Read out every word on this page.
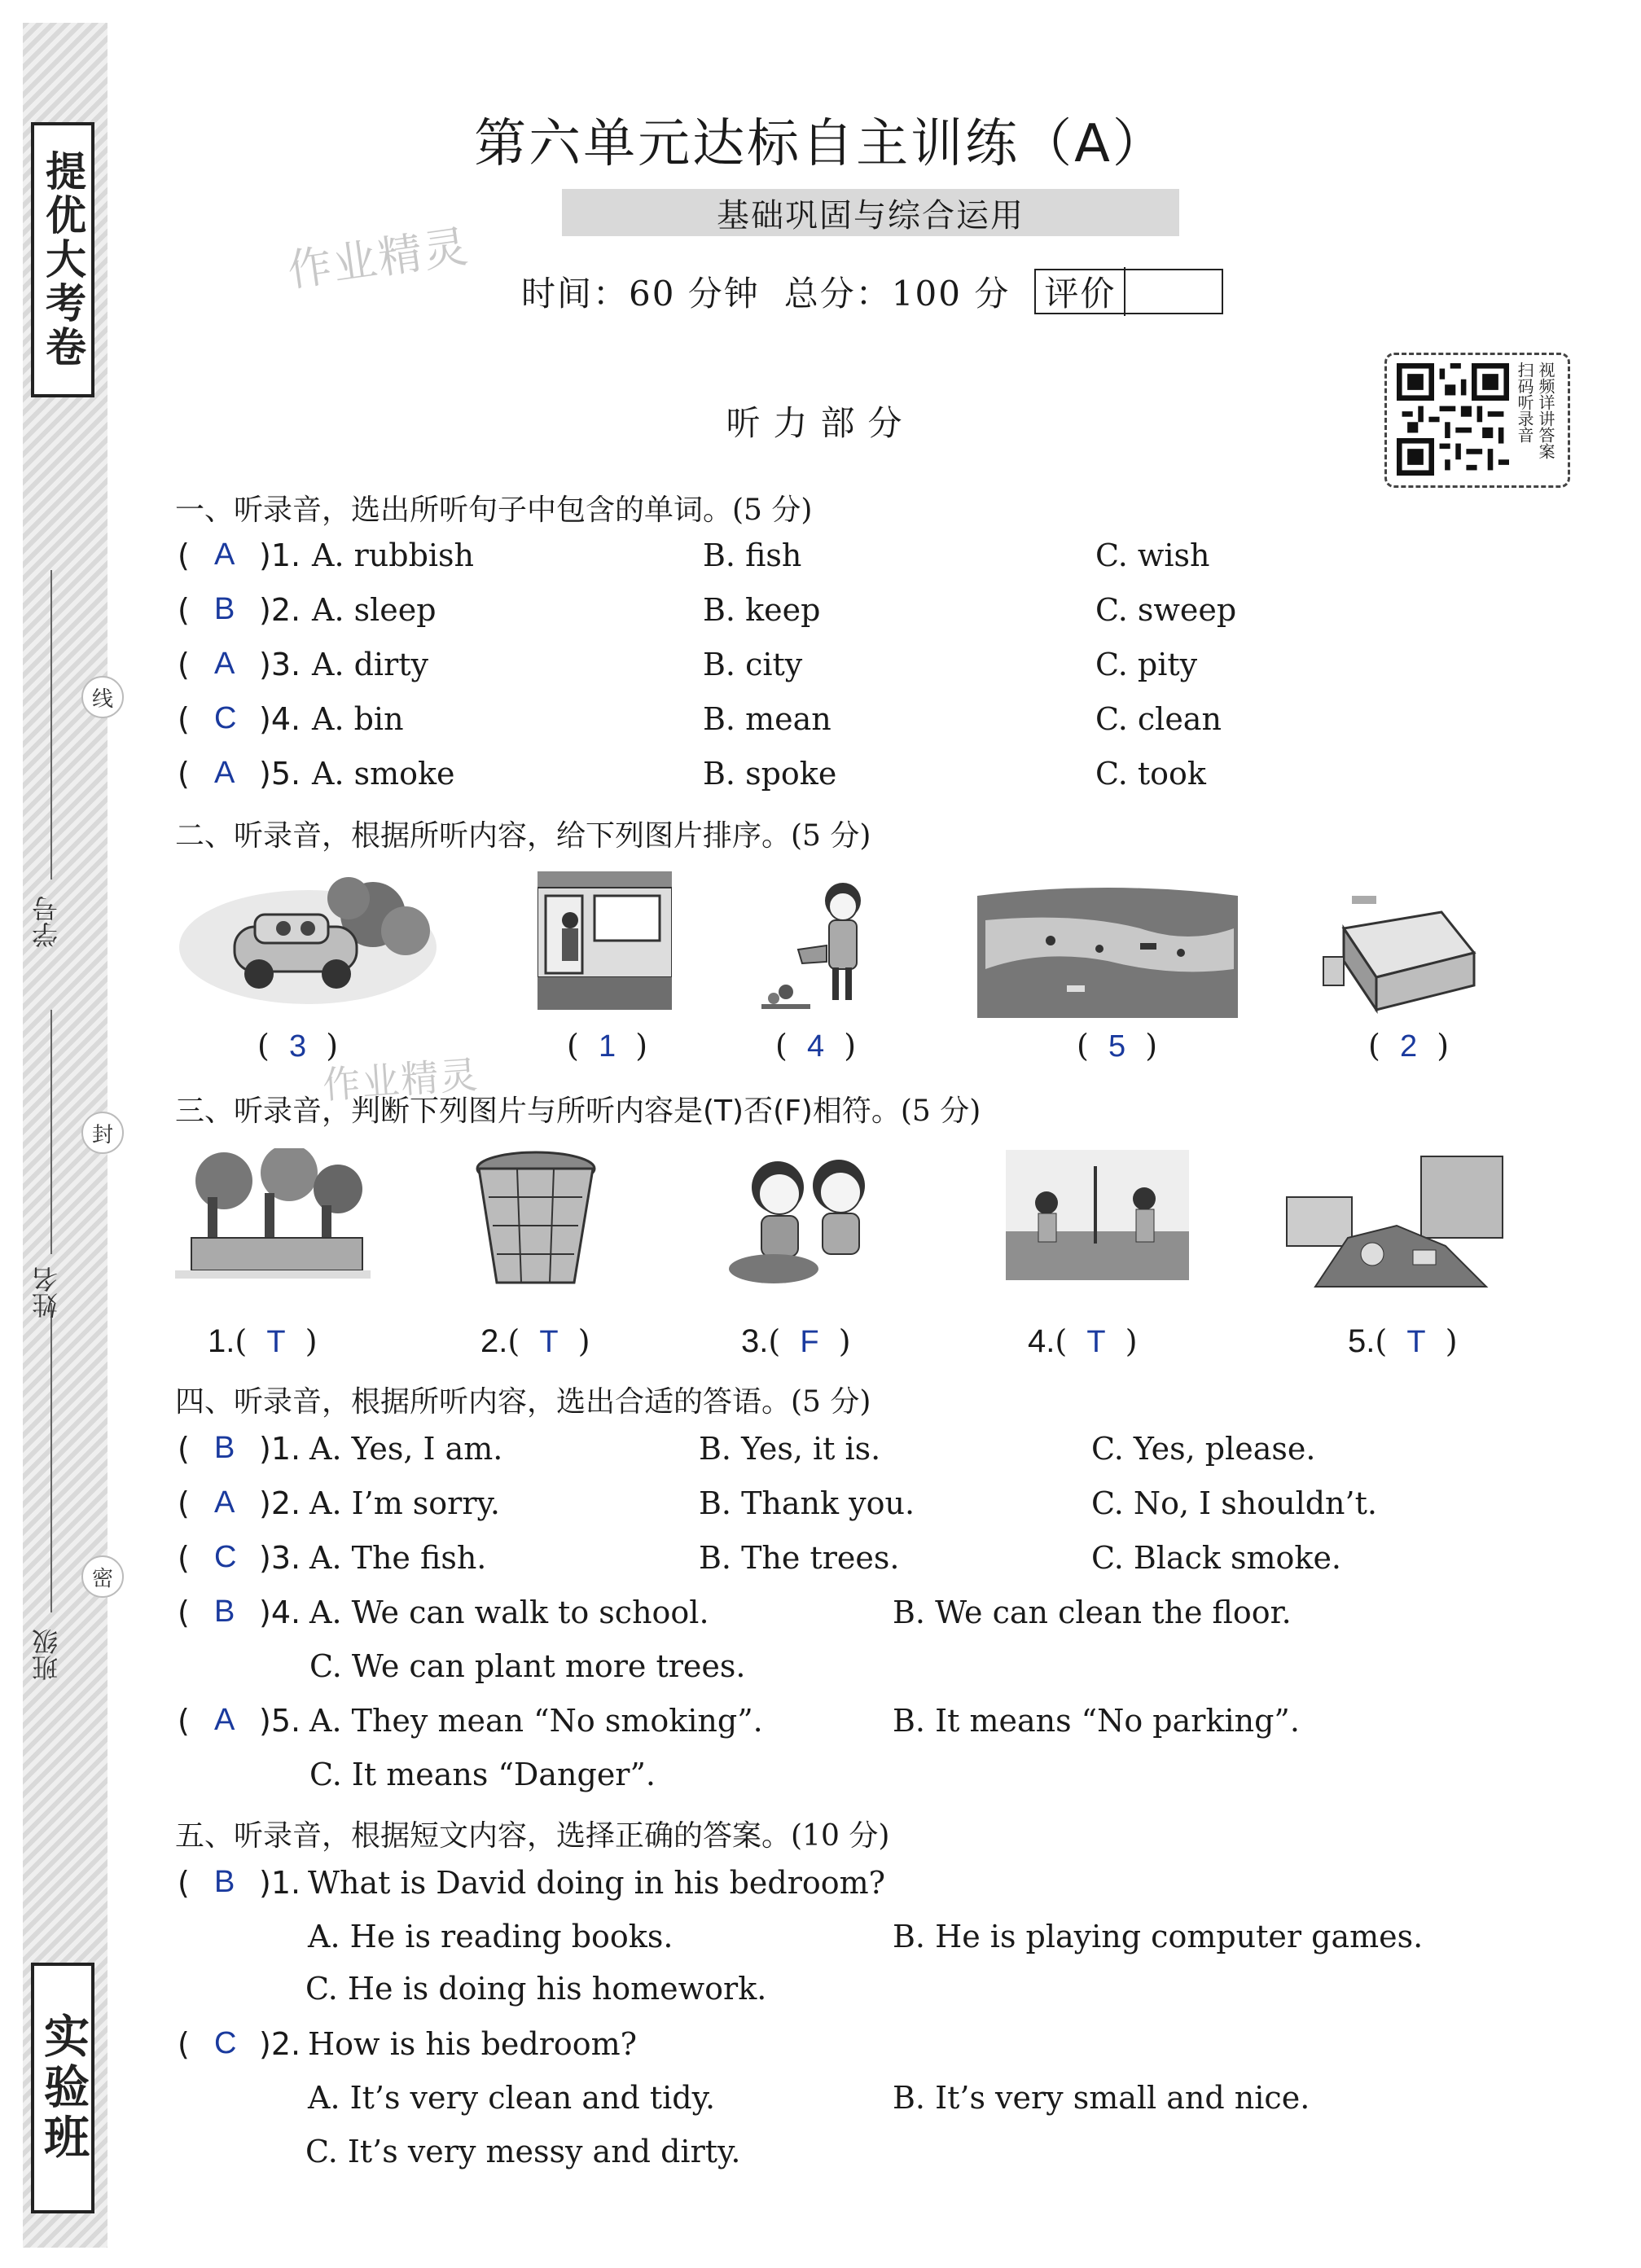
提优大考卷
实验班
线
封
密
学号
姓名
班级
作业精灵
作业精灵
第六单元达标自主训练（A）
基础巩固与综合运用
时间：60 分钟 总分：100 分 评价
扫码听录音 视频详讲答案
听力部分
一、听录音，选出所听句子中包含的单词。(5 分)
( A )1. A. rubbish	B. fish	C. wish
( B )2. A. sleep	B. keep	C. sweep
( A )3. A. dirty	B. city	C. pity
( C )4. A. bin	B. mean	C. clean
( A )5. A. smoke	B. spoke	C. took
二、听录音，根据所听内容，给下列图片排序。(5 分)
(  3  )	(  1  )	(  4  )	(  5  )	(  2  )
三、听录音，判断下列图片与所听内容是(T)否(F)相符。(5 分)
1.(  T  )	2.(  T  )	3.(  F  )	4.(  T  )	5.(  T  )
四、听录音，根据所听内容，选出合适的答语。(5 分)
( B )1. A. Yes, I am.	B. Yes, it is.	C. Yes, please.
( A )2. A. I’m sorry.	B. Thank you.	C. No, I shouldn’t.
( C )3. A. The fish.	B. The trees.	C. Black smoke.
( B )4. A. We can walk to school.	B. We can clean the floor.
C. We can plant more trees.
( A )5. A. They mean “No smoking”.	B. It means “No parking”.
C. It means “Danger”.
五、听录音，根据短文内容，选择正确的答案。(10 分)
( B )1. What is David doing in his bedroom?
A. He is reading books.	B. He is playing computer games.
C. He is doing his homework.
( C )2. How is his bedroom?
A. It’s very clean and tidy.	B. It’s very small and nice.
C. It’s very messy and dirty.
